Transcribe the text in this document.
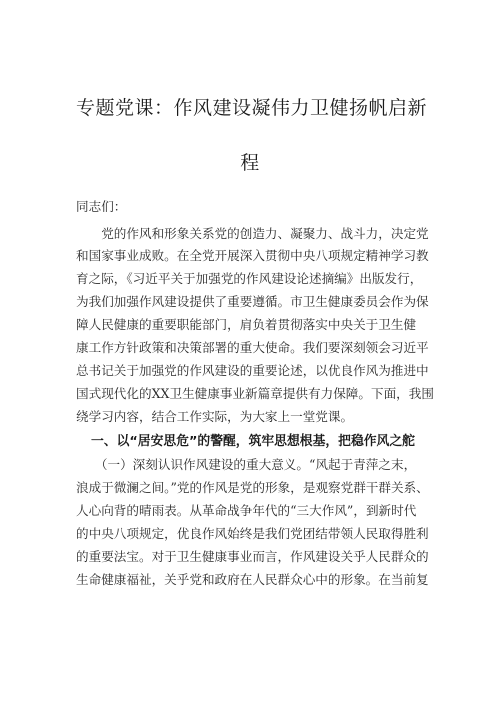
专题党课：作风建设凝伟力卫健扬帆启新
程
同志们：
　　党的作风和形象关系党的创造力、凝聚力、战斗力，决定党
和国家事业成败。在全党开展深入贯彻中央八项规定精神学习教
育之际，《习近平关于加强党的作风建设论述摘编》出版发行，
为我们加强作风建设提供了重要遵循。市卫生健康委员会作为保
障人民健康的重要职能部门，肩负着贯彻落实中央关于卫生健
康工作方针政策和决策部署的重大使命。我们要深刻领会习近平
总书记关于加强党的作风建设的重要论述，以优良作风为推进中
国式现代化的XX卫生健康事业新篇章提供有力保障。下面，我围
绕学习内容，结合工作实际，为大家上一堂党课。
一、以“居安思危”的警醒，筑牢思想根基，把稳作风之舵
　　（一）深刻认识作风建设的重大意义。“风起于青萍之末，
浪成于微澜之间。”党的作风是党的形象，是观察党群干群关系、
人心向背的晴雨表。从革命战争年代的“三大作风”，到新时代
的中央八项规定，优良作风始终是我们党团结带领人民取得胜利
的重要法宝。对于卫生健康事业而言，作风建设关乎人民群众的
生命健康福祉，关乎党和政府在人民群众心中的形象。在当前复
